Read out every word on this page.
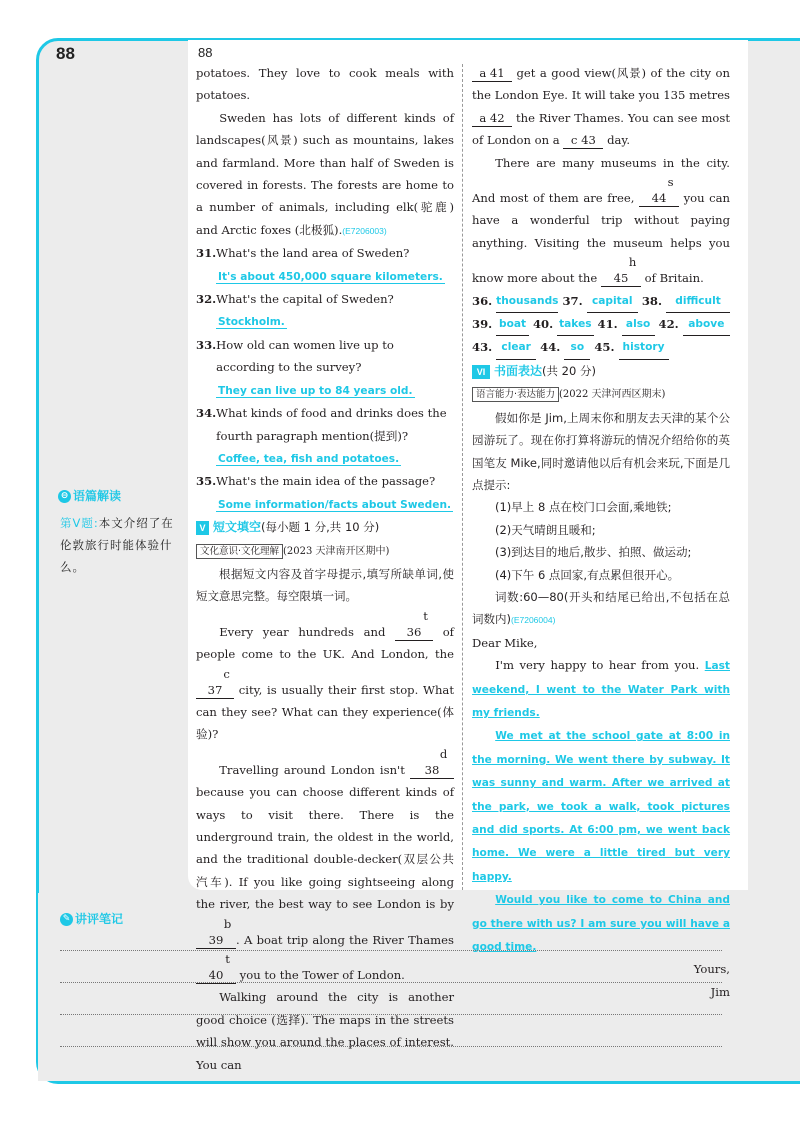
88	88

potatoes. They love to cook meals with potatoes.

Sweden has lots of different kinds of landscapes(风景) such as mountains, lakes and farmland. More than half of Sweden is covered in forests. The forests are home to a number of animals, including elk(驼鹿) and Arctic foxes (北极狐).(E7206003)

31. What's the land area of Sweden?
It's about 450,000 square kilometers.
32. What's the capital of Sweden?
Stockholm.
33. How old can women live up to according to the survey?
They can live up to 84 years old.
34. What kinds of food and drinks does the fourth paragraph mention(提到)?
Coffee, tea, fish and potatoes.
35. What's the main idea of the passage?
Some information/facts about Sweden.
V 短文填空(每小题 1 分,共 10 分)
文化意识·文化理解 (2023 天津南开区期中)

根据短文内容及首字母提示,填写所缺单词,使短文意思完整。每空限填一词。

Every year hundreds and t 36 of people come to the UK. And London, the c 37 city, is usually their first stop. What can they see? What can they experience(体验)?

Travelling around London isn't d 38 because you can choose different kinds of ways to visit there. There is the underground train, the oldest in the world, and the traditional double-decker(双层公共汽车). If you like going sightseeing along the river, the best way to see London is by b 39 . A boat trip along the River Thames t 40 you to the Tower of London.

Walking around the city is another good choice (选择). The maps in the streets will show you around the places of interest. You can

a 41 get a good view(风景) of the city on the London Eye. It will take you 135 metres a 42 the River Thames. You can see most of London on a c 43 day.

There are many museums in the city. And most of them are free, s 44 you can have a wonderful trip without paying anything. Visiting the museum helps you know more about the h 45 of Britain.

36. thousands 37. capital 38.	difficult
39. boat 40. takes 41. also 42. above
43. clear 44. so 45. history
VI 书面表达(共 20 分)
语言能力·表达能力 (2022 天津河西区期末)

假如你是 Jim,上周末你和朋友去天津的某个公园游玩了。现在你打算将游玩的情况介绍给你的英国笔友 Mike,同时邀请他以后有机会来玩,下面是几点提示:

(1)早上 8 点在校门口会面,乘地铁;

(2)天气晴朗且暖和;

(3)到达目的地后,散步、拍照、做运动;

(4)下午 6 点回家,有点累但很开心。

词数:60—80(开头和结尾已给出,不包括在总词数内)(E7206004)

Dear Mike,

I'm very happy to hear from you. Last weekend, I went to the Water Park with my friends.

We met at the school gate at 8:00 in the morning. We went there by subway. It was sunny and warm. After we arrived at the park, we took a walk, took pictures and did sports. At 6:00 pm, we went back home. We were a little tired but very happy.

Would you like to come to China and go there with us? I am sure you will have a good time.

Yours,

Jim

⊖ 语篇解读
第Ⅴ题:本文介绍了在伦敦旅行时能体验什么。
✎ 讲评笔记
